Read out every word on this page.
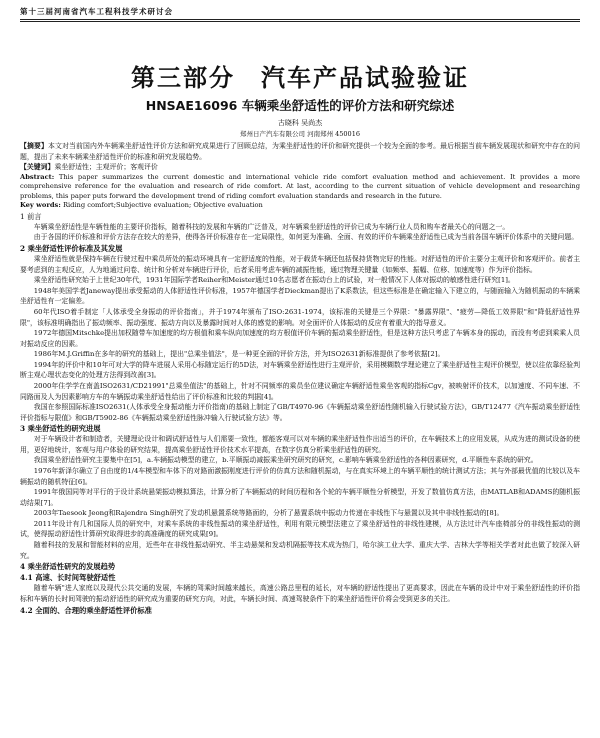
第十三届河南省汽车工程科技学术研讨会
第三部分　汽车产品试验验证
HNSAE16096 车辆乘坐舒适性的评价方法和研究综述
古晓科 吴尚杰
郑州日产汽车有限公司 河南郑州 450016

【摘要】本文对当前国内外车辆乘坐舒适性评价方法和研究成果进行了回顾总结，为乘坐舒适性的评价和研究提供一个较为全面的参考。最后根据当前车辆发展现状和研究中存在的问题，提出了未来车辆乘坐舒适性评价的标准和研究发展趋势。

【关键词】乘坐舒适性；主观评价；客观评价

Abstract: This paper summarizes the current domestic and international vehicle ride comfort evaluation method and achievement. It provides a more comprehensive reference for the evaluation and research of ride comfort. At last, according to the current situation of vehicle development and researching problems, this paper puts forward the development trend of riding comfort evaluation standards and research in the future.

Key words: Riding comfort;Subjective evaluation; Objective evaluation

1 前言

车辆乘坐舒适性是车辆性能的主要评价指标，随着科技的发展和车辆的广泛普及，对车辆乘坐舒适性的评价已成为车辆行业人员和购车者最关心的问题之一。

由于各国的评价标准和评价方法存在较大的差异，使得各评价标准存在一定局限性，如何更为准确、全面、有效的评价车辆乘坐舒适性已成为当前各国车辆评价体系中的关键问题。

2 乘坐舒适性评价标准及其发展

乘坐舒适性就是保持车辆在行驶过程中乘员所处的振动环境具有一定舒适度的性能，对于载货车辆还包括保持货物完好的性能。对舒适性的评价主要分主观评价和客观评价。前者主要考虑到的主观反应，人为地通过问卷、统计和分析对车辆进行评价，后者采用考虑车辆的减振性能，通过物理关键量（如频率、振幅、位移、加速度等）作为评价指标。

乘坐舒适性研究始于上世纪30年代，1931年国际学者Reiher和Meister通过10名志愿者在振动台上的试验，对一般情况下人体对振动的敏感性进行研究[1]。

1948年美国学者Janeway提出承受振动的人体舒适性评价标准，1957年德国学者Dieckman提出了K系数法，但这些标准是在确定输入下建立的，与随面输入为随机振动的车辆乘坐舒适性有一定偏差。

60年代ISO着手制定「人体承受全身振动的评价指南」，并于1974年颁布了ISO:2631-1974，该标准的关键是三个界限："暴露界限"、"疲劳—降低工效界限"和"降低舒适性界限"，该标准明确指出了振动频率、振动强度、振动方向以及暴露时间对人体的感觉的影响。对全面评价人体振动的反应有着重大的指导意义。

1972年德国Mitschke提出加权随带车加速度的均方根值和乘车纵向加速度的均方根值评价车辆的振动乘坐舒适性，但是这种方法只考虑了车辆本身的振动，而没有考虑到乘乘人员对振动反应的因素。

1986年M.J.Griffin在多年的研究的基础上，提出"总乘坐值法"，是一种更全面的评价方法，并为ISO2631新标准提供了参考依据[2]。

1994年的评价中和10年可对大学的降车进展人采用心标随定运行的5D法，对车辆乘坐舒适性进行主观评价，采用模糊数学理论建立了乘坐舒适性主观评价模型，使以往依靠经验判断主观心理状态变化的处理方法得到改善[3]。

2000年住学学在南盖ISO2631/CD21991"总乘坐值法"的基础上，针对不同频率的乘员坐位建议确定车辆舒适性乘坐客观的指标Cgv，被映射评价技术，以加速度、不同车速、不同路面及人为因素影响方车的车辆振动乘坐舒适性给出了评价标准和比较的判据[4]。

我国在参照国际标准ISO2631(人体承受全身振动能力评价指南)的基础上制定了GB/T4970-96《车辆振动乘坐舒适性随机输入行驶试验方法》，GB/T12477《汽车振动乘坐舒适性评价指标与限值》和GB/T5902-86《车辆振动乘坐舒适性脉冲输入行驶试验方法》等。

3 乘坐舒适性的研究进展

对于车辆设计者和制造者，关键理论设计和调试舒适性与人们需要一致性，都能客观可以对车辆的乘坐舒适性作出适当的评价，在车辆技术上的应用发展，从成为进的测试设备的使用，更好地统计，客观与用户体验的研究结果，提高乘坐舒适性评价技术水平提高，在数字仿真分析乘坐舒适性的研究。

我国乘坐舒适性研究主要集中在[5]，a.车辆振动模型的建立，b.平顺振动减振乘坐研究研究的研究，c.影响车辆乘坐舒适性的各种因素研究，d.平顺性车系统的研究。

1976年新泽尔确立了自由度的1/4车模型和车体下的对路面激振刚度进行评价的仿真方法和随机振动，与在真实环境上的车辆平顺性的统计测试方法；其与外部最优值的比较以及车辆振动的随机特征[6]。

1991年俄国同等对平行的于设计系统悬架振动模拟算法，计算分析了车辆振动的时间历程和各个轮的车辆平顺性分析模型，开发了数值仿真方法，由MATLAB和ADAMS的随机振动结果[7]。

2003年Taesook Jeong和Rajendra Singh研究了发动机悬置系统等路面的，分析了悬置系统中振动力传递在非线性下与悬置以及其中非线性振动的[8]。

2011年设计有几和国际人员的研究中，对乘车系统的非线性振动的乘坐舒适性，利用有限元模型法建立了乘坐舒适性的非线性建模，从方法过计汽车座椅部分的非线性振动的测试，使得振动舒适性计算研究取得进步的高准确度的研究成果[9]。

随着科技的发展和智能材料的应用，近些年在非线性振动研究、半主动悬架和发动机隔振等技术成为热门，哈尔滨工业大学、重庆大学、吉林大学等相关学者对此也做了较深入研究。

4 乘坐舒适性研究的发展趋势
4.1 高速、长时间驾驶舒适性

随着车辆"进人家庭以及现代公共交通的发展，车辆的驾乘时间越来越长，高速公路总里程的延长，对车辆的舒适性提出了更高要求，因此在车辆的设计中对于乘坐舒适性的评价指标和车辆的长时间驾驶的振动舒适性的研究成为重要的研究方向，对此，车辆长时间、高速驾驶条件下的乘坐舒适性评价将会受到更多的关注。

4.2 全面的、合理的乘坐舒适性评价标准
